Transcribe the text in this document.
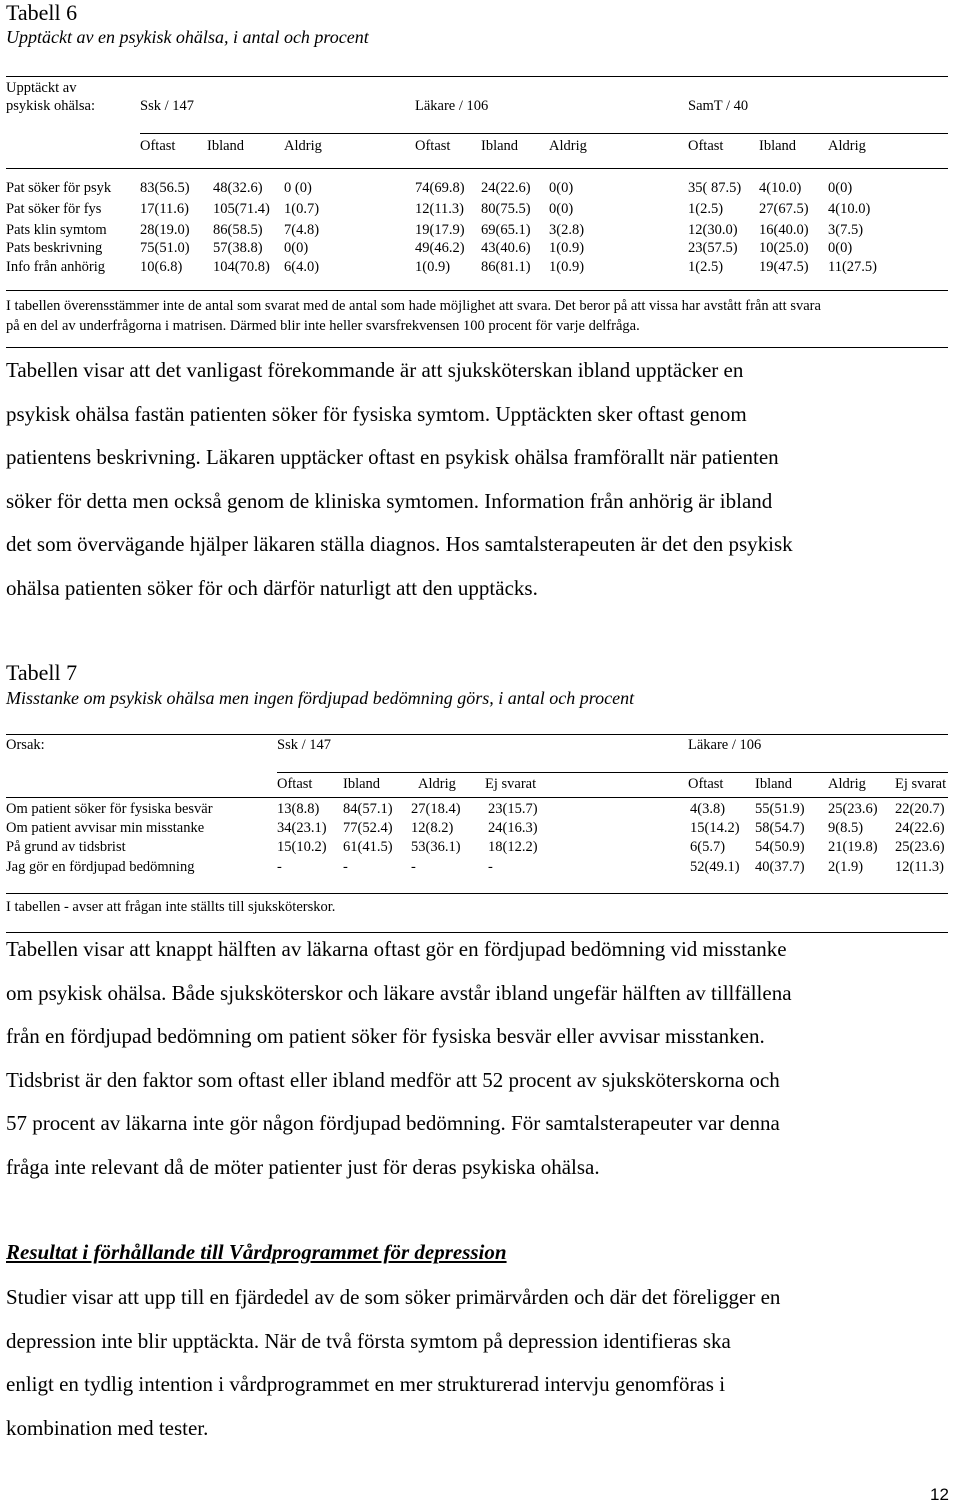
Tabell 6
Upptäckt av en psykisk ohälsa, i antal och procent
Upptäckt av
psykisk ohälsa:	Ssk / 147	Läkare / 106	SamT / 40
Oftast Ibland	Aldrig	Oftast Ibland Aldrig	Oftast Ibland Aldrig
Pat söker för psyk 83(56.5) 48(32.6) 0 (0)	74(69.8) 24(22.6) 0(0)	35( 87.5) 4(10.0) 0(0)
Pat söker för fys	17(11.6) 105(71.4) 1(0.7)	12(11.3) 80(75.5) 0(0)	1(2.5) 27(67.5) 4(10.0)
Pats klin symtom 28(19.0) 86(58.5) 7(4.8)	19(17.9) 69(65.1) 3(2.8)	12(30.0) 16(40.0) 3(7.5)
Pats beskrivning	75(51.0) 57(38.8) 0(0)	49(46.2) 43(40.6) 1(0.9)	23(57.5) 10(25.0) 0(0)
Info från anhörig 10(6.8) 104(70.8) 6(4.0)	1(0.9) 86(81.1) 1(0.9)	1(2.5) 19(47.5) 11(27.5)
I tabellen överensstämmer inte de antal som svarat med de antal som hade möjlighet att svara. Det beror på att vissa har avstått från att svara
på en del av underfrågorna i matrisen. Därmed blir inte heller svarsfrekvensen 100 procent för varje delfråga.
Tabellen visar att det vanligast förekommande är att sjuksköterskan ibland upptäcker en
psykisk ohälsa fastän patienten söker för fysiska symtom. Upptäckten sker oftast genom
patientens beskrivning. Läkaren upptäcker oftast en psykisk ohälsa framförallt när patienten
söker för detta men också genom de kliniska symtomen. Information från anhörig är ibland
det som övervägande hjälper läkaren ställa diagnos. Hos samtalsterapeuten är det den psykisk
ohälsa patienten söker för och därför naturligt att den upptäcks.
Tabell 7
Misstanke om psykisk ohälsa men ingen fördjupad bedömning görs, i antal och procent
Orsak:	Ssk / 147	Läkare / 106
Oftast Ibland	Aldrig Ej svarat	Oftast Ibland Aldrig Ej svarat
Om patient söker för fysiska besvär	13(8.8) 84(57.1) 27(18.4) 23(15.7)	4(3.8) 55(51.9) 25(23.6) 22(20.7)
Om patient avvisar min misstanke	34(23.1) 77(52.4) 12(8.2) 24(16.3)	15(14.2) 58(54.7) 9(8.5) 24(22.6)
På grund av tidsbrist	15(10.2) 61(41.5) 53(36.1) 18(12.2)	6(5.7) 54(50.9) 21(19.8) 25(23.6)
Jag gör en fördjupad bedömning	-	-	-	-	52(49.1) 40(37.7) 2(1.9) 12(11.3)
I tabellen - avser att frågan inte ställts till sjuksköterskor.
Tabellen visar att knappt hälften av läkarna oftast gör en fördjupad bedömning vid misstanke
om psykisk ohälsa. Både sjuksköterskor och läkare avstår ibland ungefär hälften av tillfällena
från en fördjupad bedömning om patient söker för fysiska besvär eller avvisar misstanken.
Tidsbrist är den faktor som oftast eller ibland medför att 52 procent av sjuksköterskorna och
57 procent av läkarna inte gör någon fördjupad bedömning. För samtalsterapeuter var denna
fråga inte relevant då de möter patienter just för deras psykiska ohälsa.
Resultat i förhållande till Vårdprogrammet för depression
Studier visar att upp till en fjärdedel av de som söker primärvården och där det föreligger en
depression inte blir upptäckta. När de två första symtom på depression identifieras ska
enligt en tydlig intention i vårdprogrammet en mer strukturerad intervju genomföras i
kombination med tester.
12
